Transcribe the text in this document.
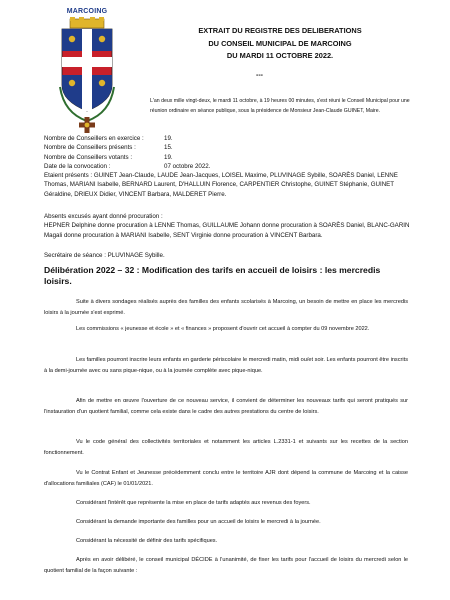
MARCOING
EXTRAIT DU REGISTRE DES DELIBERATIONS
DU CONSEIL MUNICIPAL DE MARCOING
DU MARDI 11 OCTOBRE 2022.
---
L'an deux mille vingt-deux, le mardi 11 octobre, à 19 heures 00 minutes, s'est réuni le Conseil Municipal pour une réunion ordinaire en séance publique, sous la présidence de Monsieur Jean-Claude GUINET, Maire.
Nombre de Conseillers en exercice :	19.
Nombre de Conseillers présents :	15.
Nombre de Conseillers votants :	19.
Date de la convocation :	07 octobre 2022.
Etaient présents : GUINET Jean-Claude, LAUDE Jean-Jacques, LOISEL Maxime, PLUVINAGE Sybille, SOARÈS Daniel, LENNE Thomas, MARIANI Isabelle, BERNARD Laurent, D'HALLUIN Florence, CARPENTIER Christophe, GUINET Stéphanie, GUINET Géraldine, DRIEUX Didier, VINCENT Barbara, MALDERET Pierre.
Absents excusés ayant donné procuration :
HEPNER Delphine donne procuration à LENNE Thomas, GUILLAUME Johann donne procuration à SOARÈS Daniel, BLANC-GARIN Magali donne procuration à MARIANI Isabelle, SENT Virginie donne procuration à VINCENT Barbara.
Secrétaire de séance : PLUVINAGE Sybille.
Délibération 2022 – 32 : Modification des tarifs en accueil de loisirs : les mercredis loisirs.
Suite à divers sondages réalisés auprès des familles des enfants scolarisés à Marcoing, un besoin de mettre en place les mercredis loisirs à la journée s'est exprimé.
Les commissions « jeunesse et école » et « finances » proposent d'ouvrir cet accueil à compter du 09 novembre 2022.
Les familles pourront inscrire leurs enfants en garderie périscolaire le mercredi matin, midi ou/et soir. Les enfants pourront être inscrits à la demi-journée avec ou sans pique-nique, ou à la journée complète avec pique-nique.
Afin de mettre en œuvre l'ouverture de ce nouveau service, il convient de déterminer les nouveaux tarifs qui seront pratiqués sur l'instauration d'un quotient familial, comme cela existe dans le cadre des autres prestations du centre de loisirs.
Vu le code général des collectivités territoriales et notamment les articles L.2331-1 et suivants sur les recettes de la section fonctionnement.
Vu le Contrat Enfant et Jeunesse précédemment conclu entre le territoire AJR dont dépend la commune de Marcoing et la caisse d'allocations familiales (CAF) le 01/01/2021.
Considérant l'intérêt que représente la mise en place de tarifs adaptés aux revenus des foyers.
Considérant la demande importante des familles pour un accueil de loisirs le mercredi à la journée.
Considérant la nécessité de définir des tarifs spécifiques.
Après en avoir délibéré, le conseil municipal DÉCIDE à l'unanimité, de fixer les tarifs pour l'accueil de loisirs du mercredi selon le quotient familial de la façon suivante :
